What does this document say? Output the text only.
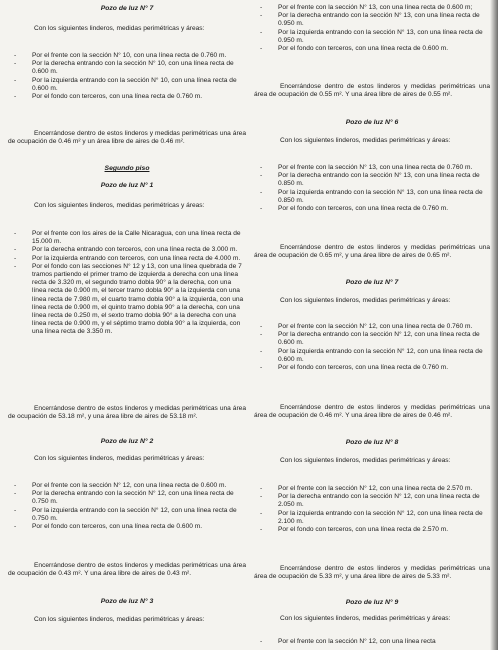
Pozo de luz N° 7
Con los siguientes linderos, medidas perimétricas y áreas:
- Por el frente con la sección N° 10, con una línea recta de 0.760 m.
- Por la derecha entrando con la sección N° 10, con una línea recta de 0.600 m.
- Por la izquierda entrando con la sección N° 10, con una línea recta de 0.600 m.
- Por el fondo con terceros, con una línea recta de 0.760 m.
Encerrándose dentro de estos linderos y medidas perimétricas una área de ocupación de 0.46 m² y un área libre de aires de 0.46 m².
Segundo piso
Pozo de luz N° 1
Con los siguientes linderos, medidas perimétricas y áreas:
- Por el frente con los aires de la Calle Nicaragua, con una línea recta de 15.000 m.
- Por la derecha entrando con terceros, con una línea recta de 3.000 m.
- Por la izquierda entrando con terceros, con una línea recta de 4.000 m.
- Por el fondo con las secciones N° 12 y 13, con una línea quebrada de 7 tramos partiendo el primer tramo de izquierda a derecha con una línea recta de 3.320 m, el segundo tramo dobla 90° a la derecha, con una línea recta de 0.900 m, el tercer tramo dobla 90° a la izquierda con una línea recta de 7.980 m, el cuarto tramo dobla 90° a la izquierda, con una línea recta de 0.900 m, el quinto tramo dobla 90° a la derecha, con una línea recta de 0.250 m, el sexto tramo dobla 90° a la derecha con una línea recta de 0.900 m, y el séptimo tramo dobla 90° a la izquierda, con una línea recta de 3.350 m.
Encerrándose dentro de estos linderos y medidas perimétricas una área de ocupación de 53.18 m², y una área libre de aires de 53.18 m².
Pozo de luz N° 2
Con los siguientes linderos, medidas perimétricas y áreas:
- Por el frente con la sección N° 12, con una línea recta de 0.600 m.
- Por la derecha entrando con la sección N° 12, con una línea recta de 0.750 m.
- Por la izquierda entrando con la sección N° 12, con una línea recta de 0.750 m.
- Por el fondo con terceros, con una línea recta de 0.600 m.
Encerrándose dentro de estos linderos y medidas perimétricas una área de ocupación de 0.43 m². Y una área libre de aires de 0.43 m².
Pozo de luz N° 3
Con los siguientes linderos, medidas perimétricas y áreas:
- Por el frente con la sección N° 13, con una línea recta de 0.600 m;
- Por la derecha entrando con la sección N° 13, con una línea recta de 0.950 m.
- Por la izquierda entrando con la sección N° 13, con una línea recta de 0.950 m.
- Por el fondo con terceros, con una línea recta de 0.600 m.
Encerrándose dentro de estos linderos y medidas perimétricas una área de ocupación de 0.55 m². Y una área libre de aires de 0.55 m².
Pozo de luz N° 6
Con los siguientes linderos, medidas perimétricas y áreas:
- Por el frente con la sección N° 13, con una línea recta de 0.760 m.
- Por la derecha entrando con la sección N° 13, con una línea recta de 0.850 m.
- Por la izquierda entrando con la sección N° 13, con una línea recta de 0.850 m.
- Por el fondo con terceros, con una línea recta de 0.760 m.
Encerrándose dentro de estos linderos y medidas perimétricas una área de ocupación de 0.65 m², y una área libre de aires de 0.65 m².
Pozo de luz N° 7
Con los siguientes linderos, medidas perimétricas y áreas:
- Por el frente con la sección N° 12, con una línea recta de 0.760 m.
- Por la derecha entrando con la sección N° 12, con una línea recta de 0.600 m.
- Por la izquierda entrando con la sección N° 12, con una línea recta de 0.600 m.
- Por el fondo con terceros, con una línea recta de 0.760 m.
Encerrándose dentro de estos linderos y medidas perimétricas una área de ocupación de 0.46 m². Y una área libre de aires de 0.46 m².
Pozo de luz N° 8
Con los siguientes linderos, medidas perimétricas y áreas:
- Por el frente con la sección N° 12, con una línea recta de 2.570 m.
- Por la derecha entrando con la sección N° 12, con una línea recta de 2.050 m.
- Por la izquierda entrando con la sección N° 12, con una línea recta de 2.100 m.
- Por el fondo con terceros, con una línea recta de 2.570 m.
Encerrándose dentro de estos linderos y medidas perimétricas una área de ocupación de 5.33 m², y una área libre de aires de 5.33 m².
Pozo de luz N° 9
Con los siguientes linderos, medidas perimétricas y áreas:
- Por el frente con la sección N° 12, con una línea recta
